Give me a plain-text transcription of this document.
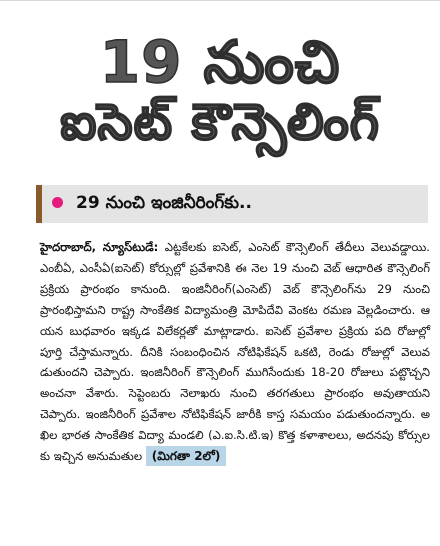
19 నుంచి
ఐసెట్ కౌన్సెలింగ్
29 నుంచి ఇంజినీరింగ్‌కు..
హైదరాబాద్, న్యూస్‌టుడే: ఎట్టకేలకు ఐసెట్, ఎంసెట్ కౌన్సెలింగ్ తేదీలు వెలువడ్డాయి. ఎంబీఏ, ఎంసీఏ(ఐసెట్) కోర్సుల్లో ప్రవేశానికి ఈ నెల 19 నుంచి వెబ్ ఆధారిత కౌన్సెలింగ్ ప్రక్రియ ప్రారంభం కానుంది. ఇంజినీరింగ్(ఎంసెట్) వెబ్ కౌన్సెలింగ్‌ను 29 నుంచి ప్రారంభిస్తామని రాష్ట్ర సాంకేతిక విద్యామంత్రి మోపిదేవి వెంకట రమణ వెల్లడించారు. ఆయన బుధవారం ఇక్కడ విలేకర్లతో మాట్లాడారు. ఐసెట్ ప్రవేశాల ప్రక్రియ పది రోజుల్లో పూర్తి చేస్తామన్నారు. దీనికి సంబంధించిన నోటిఫికేషన్ ఒకటి, రెండు రోజుల్లో వెలువడుతుందని చెప్పారు. ఇంజినీరింగ్ కౌన్సెలింగ్ ముగిసేందుకు 18-20 రోజులు పట్టొచ్చని అంచనా వేశారు. సెప్టెంబరు నెలాఖరు నుంచి తరగతులు ప్రారంభం అవుతాయని చెప్పారు. ఇంజినీరింగ్ ప్రవేశాల నోటిఫికేషన్ జారీకి కాస్త సమయం పడుతుందన్నారు. అఖిల భారత సాంకేతిక విద్యా మండలి (ఎ.ఐ.సి.టి.ఇ) కొత్త కళాశాలలు, అదనపు కోర్సులకు ఇచ్చిన అనుమతుల (మిగతా 2లో)
